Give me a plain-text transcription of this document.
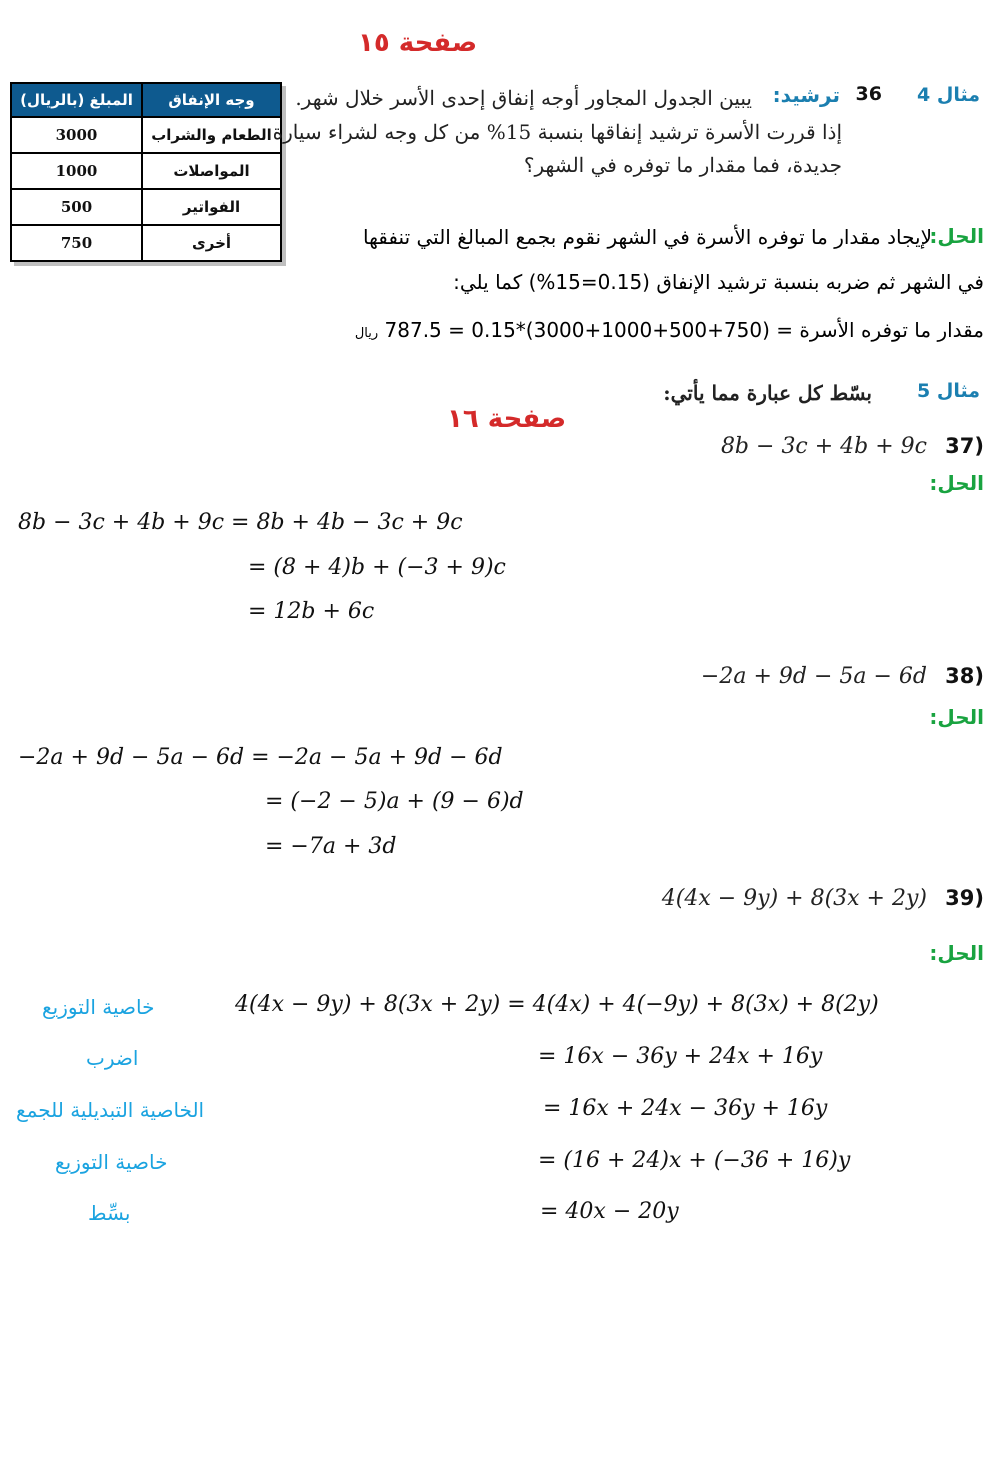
صفحة ١٥
صفحة ١٦
وجه الإنفاق	المبلغ (بالريال)
الطعام والشراب	3000
المواصلات	1000
الفواتير	500
أخرى	750
مثال 4
36
ترشيد:
يبين الجدول المجاور أوجه إنفاق إحدى الأسر خلال شهر.
إذا قررت الأسرة ترشيد إنفاقها بنسبة 15% من كل وجه لشراء سيارة
جديدة، فما مقدار ما توفره في الشهر؟
الحل:
لإيجاد مقدار ما توفره الأسرة في الشهر نقوم بجمع المبالغ التي تنفقها
في الشهر ثم ضربه بنسبة ترشيد الإنفاق (0.15=15%) كما يلي:
مقدار ما توفره الأسرة = (750+500+1000+3000)*0.15 = 787.5 ريال
مثال 5
بسّط كل عبارة مما يأتي:
(37
8b − 3c + 4b + 9c
الحل:
8b − 3c + 4b + 9c = 8b + 4b − 3c + 9c
= (8 + 4)b + (−3 + 9)c
= 12b + 6c
(38
−2a + 9d − 5a − 6d
الحل:
−2a + 9d − 5a − 6d = −2a − 5a + 9d − 6d
= (−2 − 5)a + (9 − 6)d
= −7a + 3d
(39
4(4x − 9y) + 8(3x + 2y)
الحل:
4(4x − 9y) + 8(3x + 2y) = 4(4x) + 4(−9y) + 8(3x) + 8(2y)
= 16x − 36y + 24x + 16y
= 16x + 24x − 36y + 16y
= (16 + 24)x + (−36 + 16)y
= 40x − 20y
خاصية التوزيع
اضرب
الخاصية التبديلية للجمع
خاصية التوزيع
بسِّط
